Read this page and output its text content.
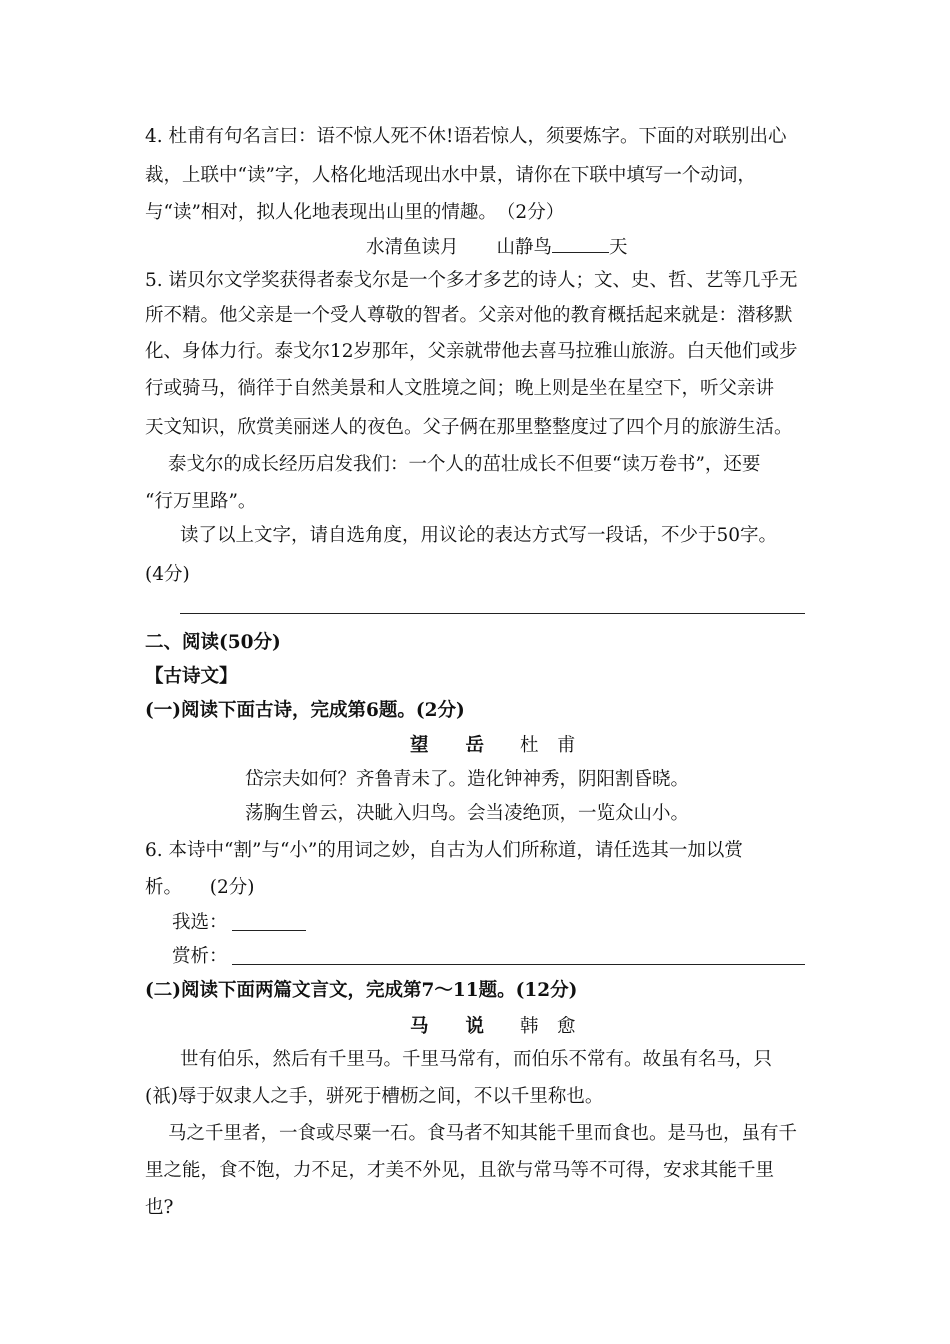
4. 杜甫有句名言曰：语不惊人死不休!语若惊人，须要炼字。下面的对联别出心
裁，上联中“读”字，人格化地活现出水中景，请你在下联中填写一个动词，
与“读”相对，拟人化地表现出山里的情趣。　（2分）
水清鱼读月 山静鸟	天
5. 诺贝尔文学奖获得者泰戈尔是一个多才多艺的诗人；文、史、哲、艺等几乎无
所不精。他父亲是一个受人尊敬的智者。父亲对他的教育概括起来就是：潜移默
化、身体力行。泰戈尔12岁那年，父亲就带他去喜马拉雅山旅游。白天他们或步
行或骑马，徜徉于自然美景和人文胜境之间；晚上则是坐在星空下，听父亲讲
天文知识，欣赏美丽迷人的夜色。父子俩在那里整整度过了四个月的旅游生活。
泰戈尔的成长经历启发我们：一个人的茁壮成长不但要“读万卷书”，还要
“行万里路”。
读了以上文字，请自选角度，用议论的表达方式写一段话，不少于50字。
(4分)
二、阅读(50分)
【古诗文】
(一)阅读下面古诗，完成第6题。(2分)
望　　岳 杜　甫
岱宗夫如何？齐鲁青未了。造化钟神秀，阴阳割昏晓。
荡胸生曾云，决眦入归鸟。会当凌绝顶，一览众山小。
6. 本诗中“割”与“小”的用词之妙，自古为人们所称道，请任选其一加以赏
析。　　(2分)
我选：
赏析：
(二)阅读下面两篇文言文，完成第7～11题。(12分)
马　　说 韩　愈
世有伯乐，然后有千里马。千里马常有，而伯乐不常有。故虽有名马，只
(祇)辱于奴隶人之手，骈死于槽枥之间，不以千里称也。
马之千里者，一食或尽粟一石。食马者不知其能千里而食也。是马也，虽有千
里之能，食不饱，力不足，才美不外见，且欲与常马等不可得，安求其能千里
也?
